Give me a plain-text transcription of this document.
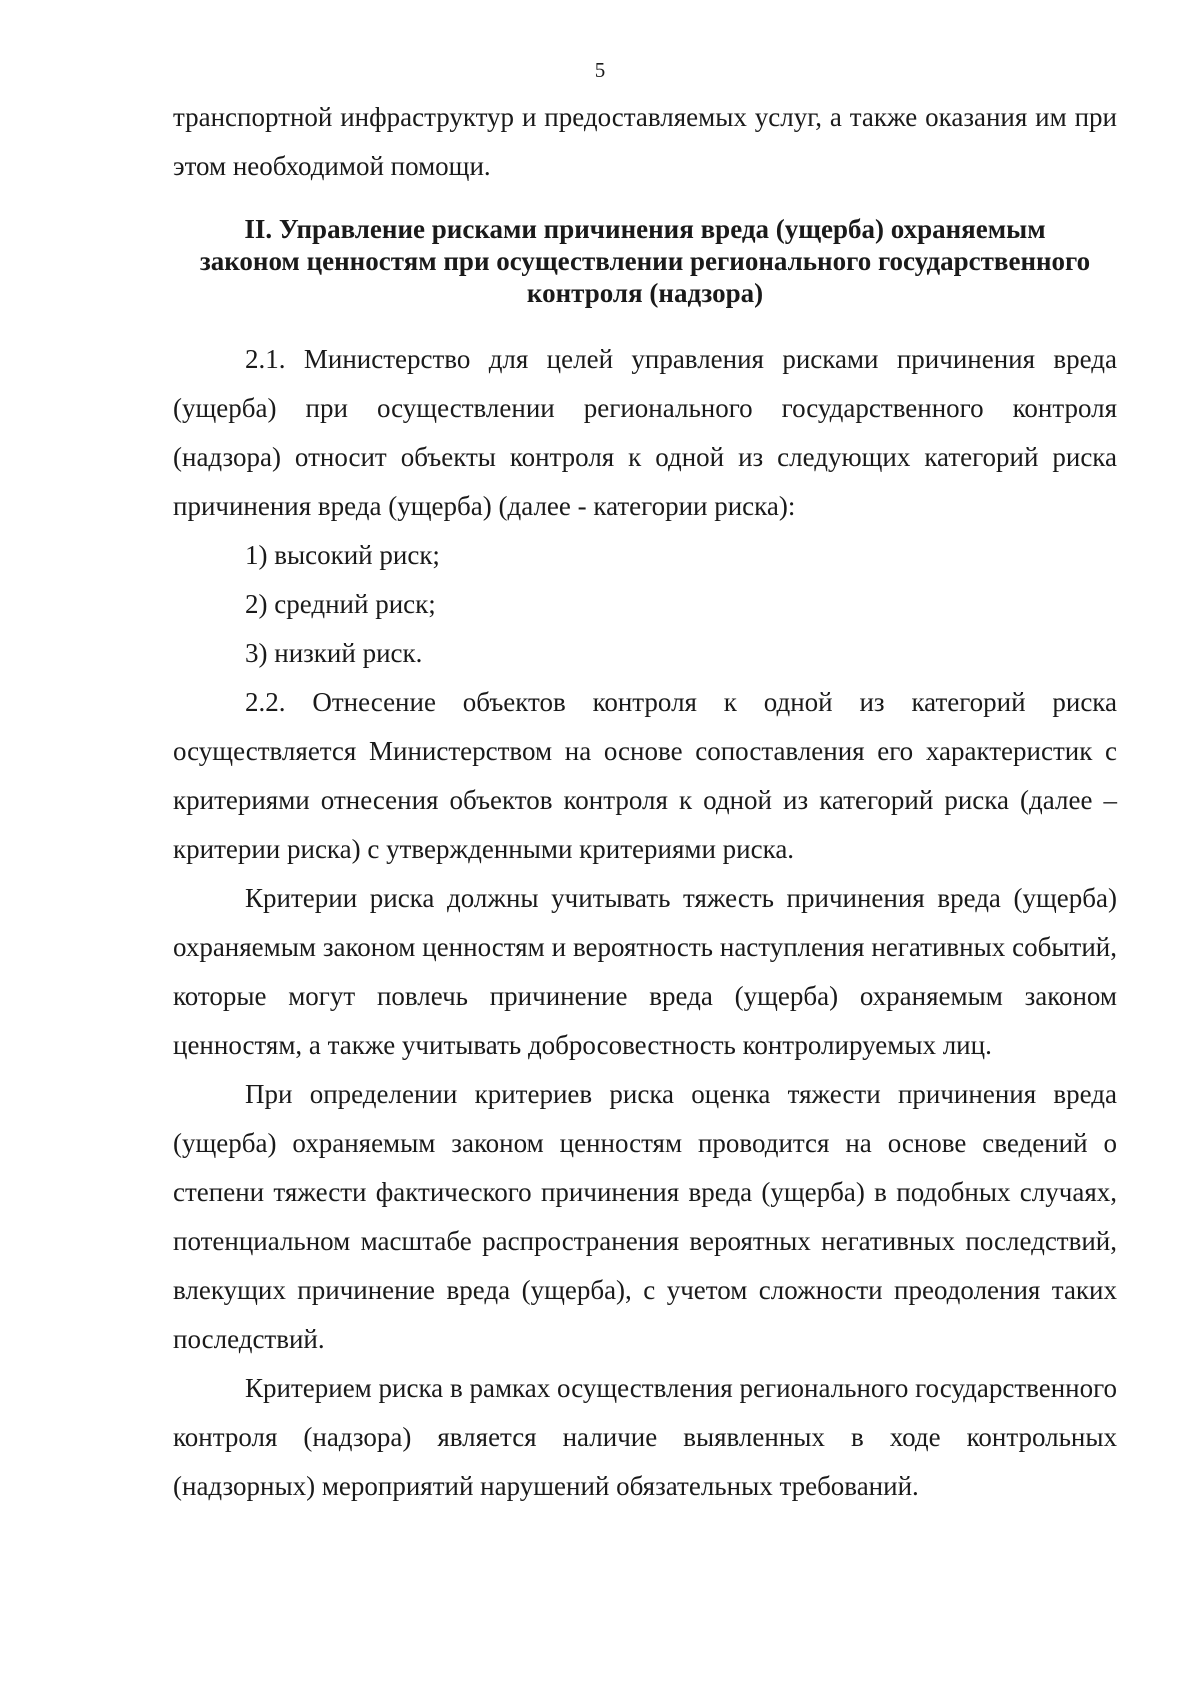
5

транспортной инфраструктур и предоставляемых услуг, а также оказания им при этом необходимой помощи.

II. Управление рисками причинения вреда (ущерба) охраняемым законом ценностям при осуществлении регионального государственного контроля (надзора)

2.1. Министерство для целей управления рисками причинения вреда (ущерба) при осуществлении регионального государственного контроля (надзора) относит объекты контроля к одной из следующих категорий риска причинения вреда (ущерба) (далее - категории риска):

1) высокий риск;

2) средний риск;

3) низкий риск.

2.2. Отнесение объектов контроля к одной из категорий риска осуществляется Министерством на основе сопоставления его характеристик с критериями отнесения объектов контроля к одной из категорий риска (далее – критерии риска) с утвержденными критериями риска.

Критерии риска должны учитывать тяжесть причинения вреда (ущерба) охраняемым законом ценностям и вероятность наступления негативных событий, которые могут повлечь причинение вреда (ущерба) охраняемым законом ценностям, а также учитывать добросовестность контролируемых лиц.

При определении критериев риска оценка тяжести причинения вреда (ущерба) охраняемым законом ценностям проводится на основе сведений о степени тяжести фактического причинения вреда (ущерба) в подобных случаях, потенциальном масштабе распространения вероятных негативных последствий, влекущих причинение вреда (ущерба), с учетом сложности преодоления таких последствий.

Критерием риска в рамках осуществления регионального государственного контроля (надзора) является наличие выявленных в ходе контрольных (надзорных) мероприятий нарушений обязательных требований.
